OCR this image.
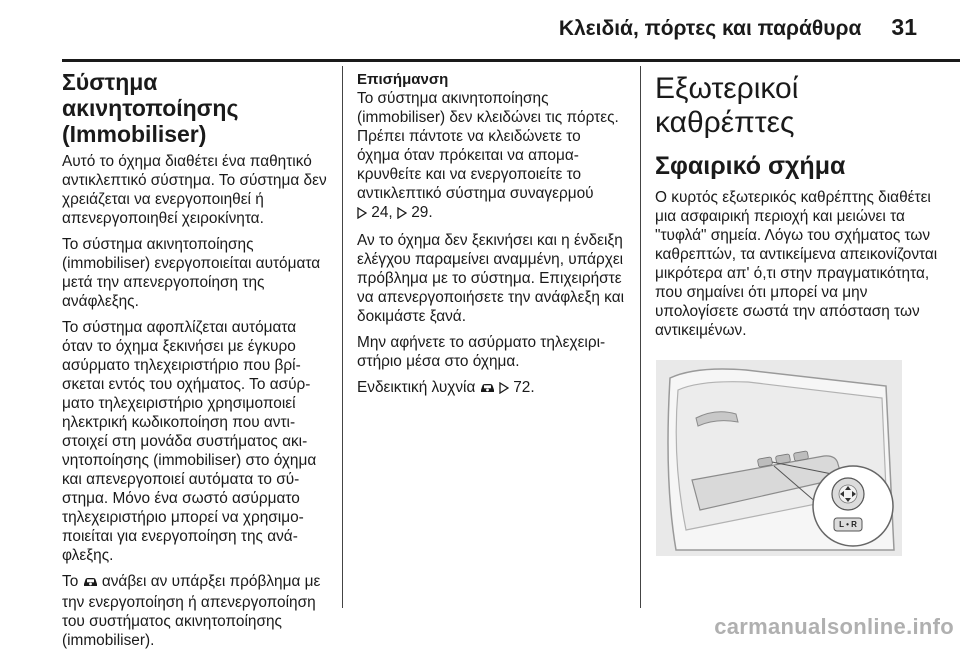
Κλειδιά, πόρτες και παράθυρα 31
Σύστημα ακινητοποίησης (Immobiliser)

Αυτό το όχημα διαθέτει ένα παθητικό αντικλεπτικό σύστημα. Το σύστημα δεν χρειάζεται να ενεργοποιηθεί ή απενεργοποιηθεί χειροκίνητα.

Το σύστημα ακινητοποίησης (immobiliser) ενεργοποιείται αυτόματα μετά την απενεργοποίηση της ανάφλεξης.

Το σύστημα αφοπλίζεται αυτόματα όταν το όχημα ξεκινήσει με έγκυρο ασύρματο τηλεχειριστήριο που βρίσκεται εντός του οχήματος. Το ασύρματο τηλεχειριστήριο χρησιμοποιεί ηλεκτρική κωδικοποίηση που αντιστοιχεί στη μονάδα συστήματος ακινητοποίησης (immobiliser) στο όχημα και απενεργοποιεί αυτόματα το σύστημα. Μόνο ένα σωστό ασύρματο τηλεχειριστήριο μπορεί να χρησιμοποιείται για ενεργοποίηση της ανάφλεξης.

Το ανάβει αν υπάρξει πρόβλημα με την ενεργοποίηση ή απενεργοποίηση του συστήματος ακινητοποίησης (immobiliser).

Επισήμανση

Το σύστημα ακινητοποίησης (immobiliser) δεν κλειδώνει τις πόρτες. Πρέπει πάντοτε να κλειδώνετε το όχημα όταν πρόκειται να απομακρυνθείτε και να ενεργοποιείτε το αντικλεπτικό σύστημα συναγερμού  24, 29.

Αν το όχημα δεν ξεκινήσει και η ένδειξη ελέγχου παραμείνει αναμμένη, υπάρχει πρόβλημα με το σύστημα. Επιχειρήστε να απενεργοποιήσετε την ανάφλεξη και δοκιμάστε ξανά.

Μην αφήνετε το ασύρματο τηλεχειριστήριο μέσα στο όχημα.

Ενδεικτική λυχνία 72.

Εξωτερικοί καθρέπτες
Σφαιρικό σχήμα

Ο κυρτός εξωτερικός καθρέπτης διαθέτει μια ασφαιρική περιοχή και μειώνει τα "τυφλά" σημεία. Λόγω του σχήματος των καθρεπτών, τα αντικείμενα απεικονίζονται μικρότερα απ' ό,τι στην πραγματικότητα, που σημαίνει ότι μπορεί να μην υπολογίσετε σωστά την απόσταση των αντικειμένων.

L • R
carmanualsonline.info
